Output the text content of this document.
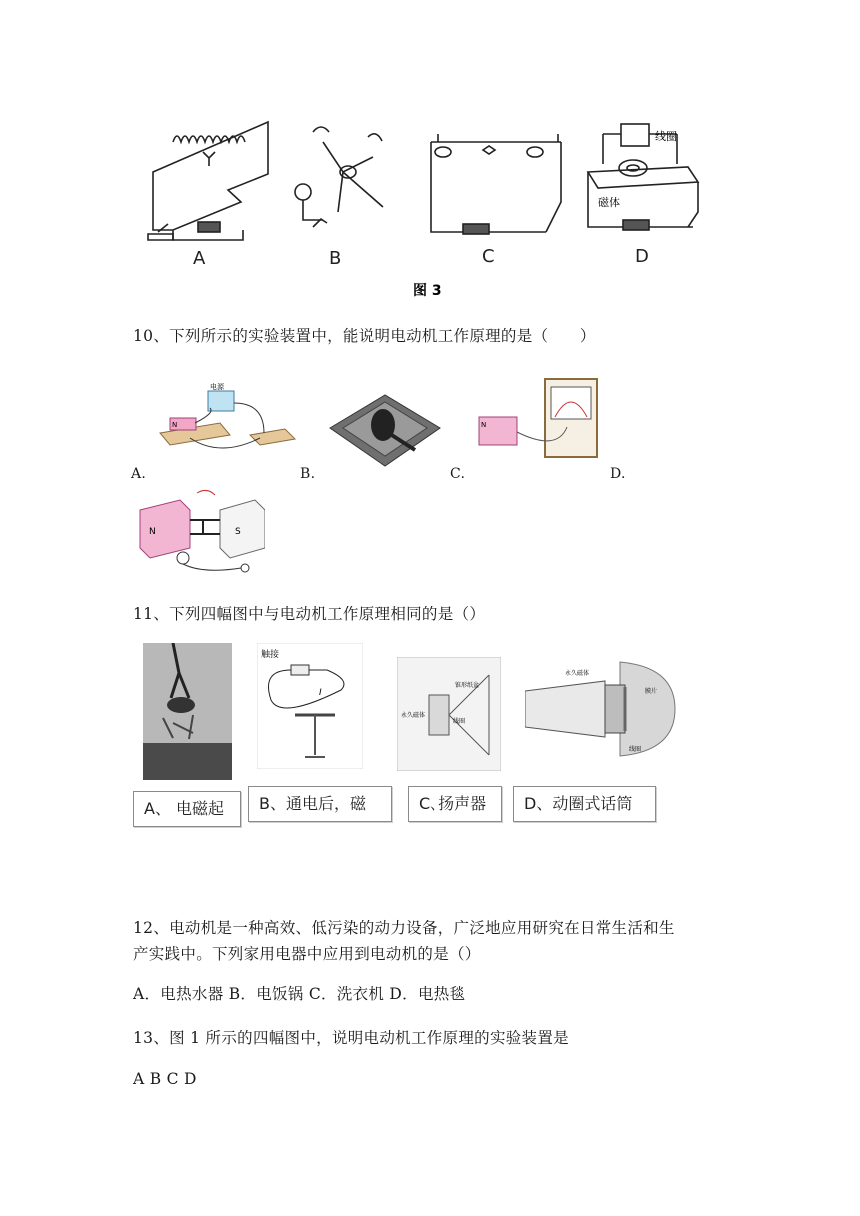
A	B	C	D
线圈
磁体
图 3
10、下列所示的实验装置中，能说明电动机工作原理的是（　　）
电源
N
A.	B.
N
C.	D.
N	S
11、下列四幅图中与电动机工作原理相同的是（）
触接
I
永久磁体
线圈
锥形纸盆
永久磁体
线圈
膜片
A、 电磁起	B、通电后，磁	C､扬声器	D、动圈式话筒
12、电动机是一种高效、低污染的动力设备，广泛地应用研究在日常生活和生
产实践中。下列家用电器中应用到电动机的是（）
A．电热水器 B．电饭锅 C．洗衣机 D．电热毯
13、图 1 所示的四幅图中，说明电动机工作原理的实验装置是
A B C D
